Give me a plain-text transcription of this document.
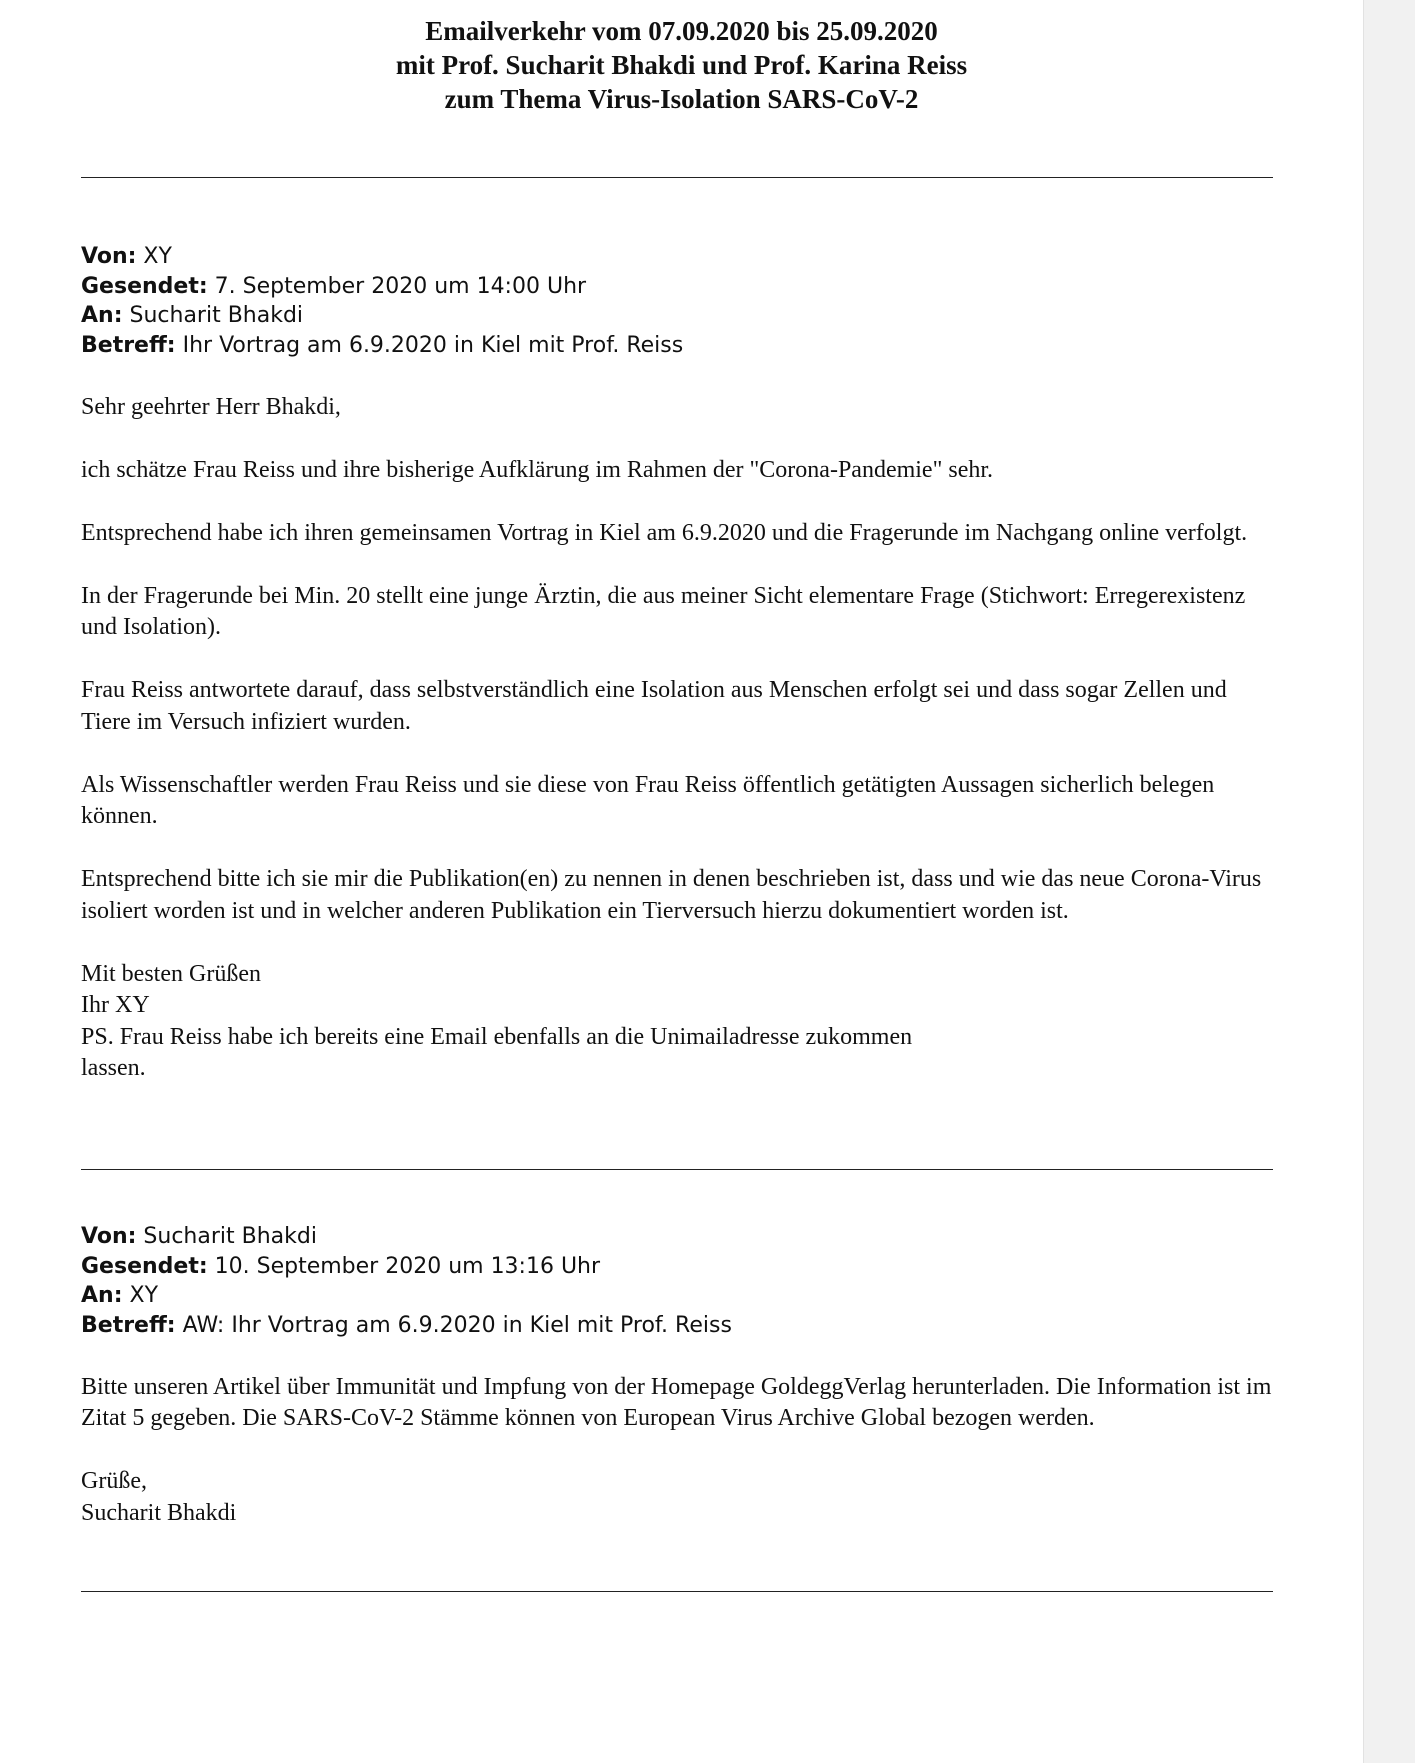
Emailverkehr vom 07.09.2020 bis 25.09.2020
mit Prof. Sucharit Bhakdi und Prof. Karina Reiss
zum Thema Virus-Isolation SARS-CoV-2
Von: XY
Gesendet: 7. September 2020 um 14:00 Uhr
An: Sucharit Bhakdi
Betreff: Ihr Vortrag am 6.9.2020 in Kiel mit Prof. Reiss

Sehr geehrter Herr Bhakdi,

ich schätze Frau Reiss und ihre bisherige Aufklärung im Rahmen der "Corona-Pandemie" sehr.

Entsprechend habe ich ihren gemeinsamen Vortrag in Kiel am 6.9.2020 und die Fragerunde im Nachgang online verfolgt.

In der Fragerunde bei Min. 20 stellt eine junge Ärztin, die aus meiner Sicht elementare Frage (Stichwort: Erregerexistenz und Isolation).

Frau Reiss antwortete darauf, dass selbstverständlich eine Isolation aus Menschen erfolgt sei und dass sogar Zellen und Tiere im Versuch infiziert wurden.

Als Wissenschaftler werden Frau Reiss und sie diese von Frau Reiss öffentlich getätigten Aussagen sicherlich belegen können.

Entsprechend bitte ich sie mir die Publikation(en) zu nennen in denen beschrieben ist, dass und wie das neue Corona-Virus isoliert worden ist und in welcher anderen Publikation ein Tierversuch hierzu dokumentiert worden ist.

Mit besten Grüßen
Ihr XY
PS. Frau Reiss habe ich bereits eine Email ebenfalls an die Unimailadresse zukommen
lassen.
Von: Sucharit Bhakdi
Gesendet: 10. September 2020 um 13:16 Uhr
An: XY
Betreff: AW: Ihr Vortrag am 6.9.2020 in Kiel mit Prof. Reiss

Bitte unseren Artikel über Immunität und Impfung von der Homepage GoldeggVerlag herunterladen. Die Information ist im Zitat 5 gegeben. Die SARS-CoV-2 Stämme können von European Virus Archive Global bezogen werden.

Grüße,
Sucharit Bhakdi
